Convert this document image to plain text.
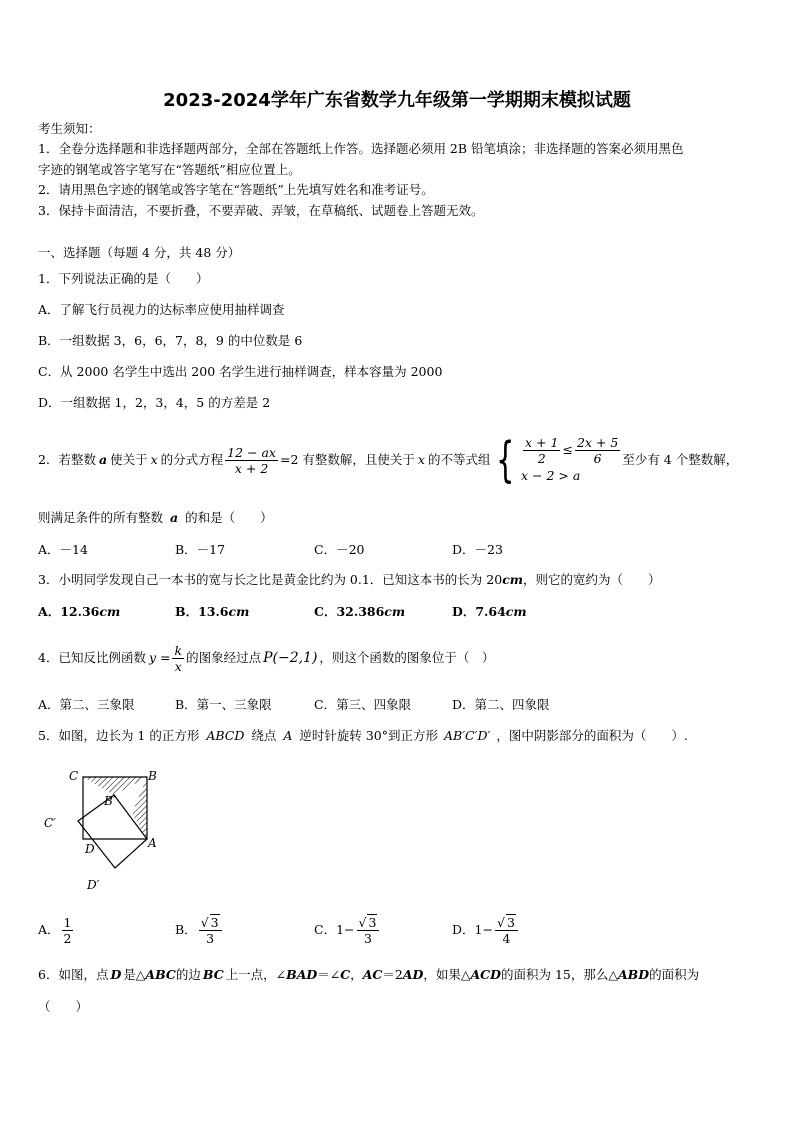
2023-2024学年广东省数学九年级第一学期期末模拟试题
考生须知：
1．全卷分选择题和非选择题两部分，全部在答题纸上作答。选择题必须用 2B 铅笔填涂；非选择题的答案必须用黑色
字迹的钢笔或答字笔写在“答题纸”相应位置上。
2．请用黑色字迹的钢笔或答字笔在“答题纸”上先填写姓名和准考证号。
3．保持卡面清洁，不要折叠，不要弄破、弄皱，在草稿纸、试题卷上答题无效。
一、选择题（每题 4 分，共 48 分）
1．下列说法正确的是（　　）
A．了解飞行员视力的达标率应使用抽样调查
B．一组数据 3，6，6，7，8，9 的中位数是 6
C．从 2000 名学生中选出 200 名学生进行抽样调查，样本容量为 2000
D．一组数据 1，2，3，4，5 的方差是 2
2．若整数 a 使关于 x 的分式方程 $\frac{12 - ax}{x + 2} =2$ 有整数解，且使关于 x 的不等式组 { $\frac{x + 1}{2} \le \frac{2x + 5}{6}$
x − 2 > a
至少有 4 个整数解，
则满足条件的所有整数 a 的和是（　　）
A．－14	B．－17	C．－20	D．－23
3．小明同学发现自己一本书的宽与长之比是黄金比约为 0.1．已知这本书的长为 20cm，则它的宽约为（　　）
A．12.36cm	B．13.6cm	C．32.386cm	D．7.64cm
4．已知反比例函数 $y = \frac{k}{x}$ 的图象经过点 P(−2,1) ，则这个函数的图象位于（　）
A．第二、三象限	B．第一、三象限	C．第三、四象限	D．第二、四象限
5．如图，边长为 1 的正方形 ABCD 绕点 A 逆时针旋转 30°到正方形 AB′C′D′ ，图中阴影部分的面积为（　　）.
C	B
B′
C′
D	A
D′
A． $\frac{1}{2}$	B． $\frac{√ 3}{3}$	C． $1- \frac{√ 3}{3}$	D． $1- \frac{√ 3}{4}$
6．如图，点 D 是△ABC的边 BC 上一点，∠BAD＝∠C，AC＝2AD，如果△ACD的面积为 15，那么△ABD的面积为
（　　）
